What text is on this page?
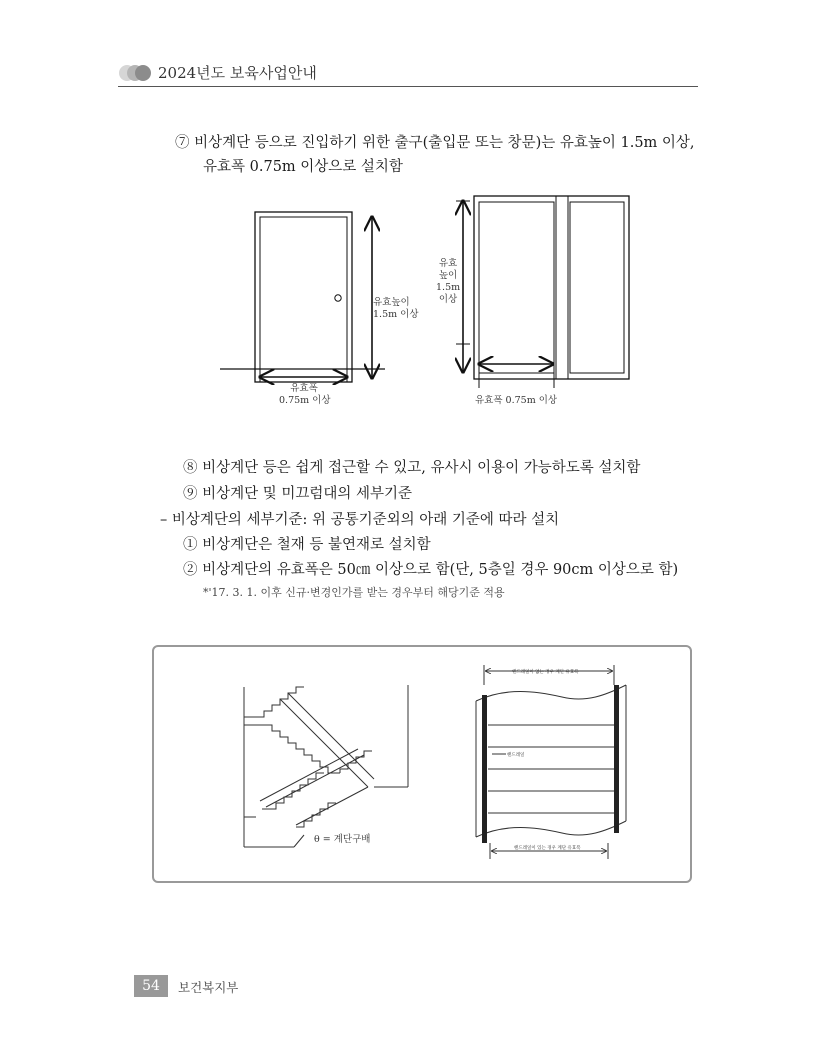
2024년도 보육사업안내
⑦ 비상계단 등으로 진입하기 위한 출구(출입문 또는 창문)는 유효높이 1.5m 이상,
유효폭 0.75m 이상으로 설치함
유효높이
1.5m 이상
유효폭
0.75m 이상
유효
높이
1.5m
이상
유효폭 0.75m 이상
⑧ 비상계단 등은 쉽게 접근할 수 있고, 유사시 이용이 가능하도록 설치함
⑨ 비상계단 및 미끄럼대의 세부기준
– 비상계단의 세부기준: 위 공통기준외의 아래 기준에 따라 설치
① 비상계단은 철재 등 불연재로 설치함
② 비상계단의 유효폭은 50㎝ 이상으로 함(단, 5층일 경우 90cm 이상으로 함)
*'17. 3. 1. 이후 신규·변경인가를 받는 경우부터 해당기준 적용
θ = 계단구배
핸드레일이 없는 경우 계단 유효폭
핸드레일
핸드레일이 있는 경우 계단 유효폭
54	보건복지부
